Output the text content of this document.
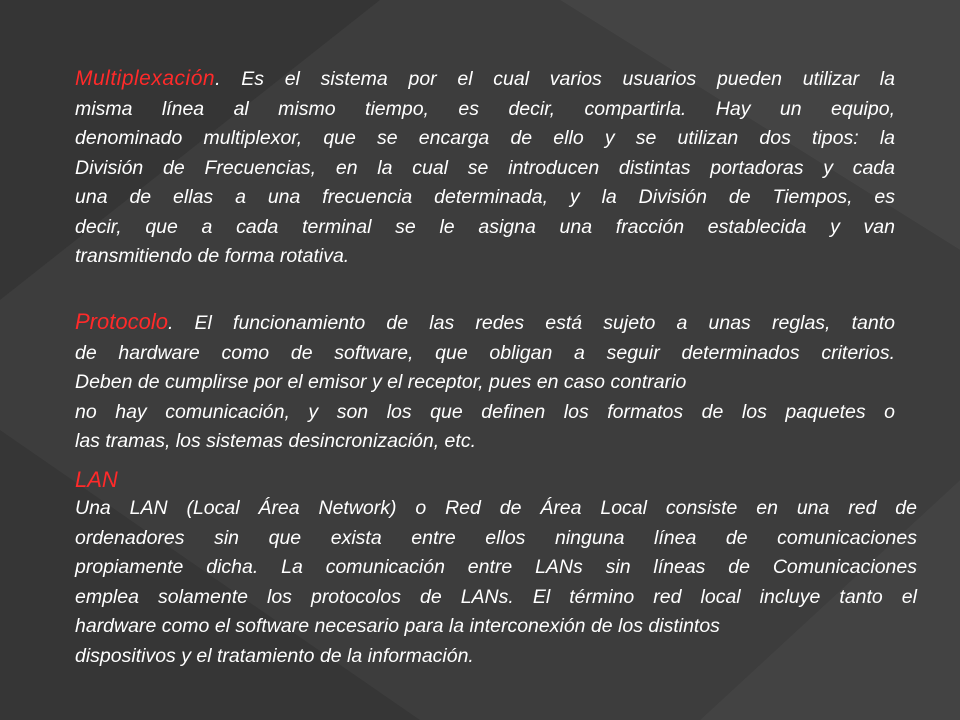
Multiplexación. Es el sistema por el cual varios usuarios pueden utilizar la
misma línea al mismo tiempo, es decir, compartirla. Hay un equipo,
denominado multiplexor, que se encarga de ello y se utilizan dos tipos: la
División de Frecuencias, en la cual se introducen distintas portadoras y cada
una de ellas a una frecuencia determinada, y la División de Tiempos, es
decir, que a cada terminal se le asigna una fracción establecida y van
transmitiendo de forma rotativa.
Protocolo. El funcionamiento de las redes está sujeto a unas reglas, tanto
de hardware como de software, que obligan a seguir determinados criterios.
Deben de cumplirse por el emisor y el receptor, pues en caso contrario
no hay comunicación, y son los que definen los formatos de los paquetes o
las tramas, los sistemas desincronización, etc.
LAN
Una LAN (Local Área Network) o Red de Área Local consiste en una red de
ordenadores sin que exista entre ellos ninguna línea de comunicaciones
propiamente dicha. La comunicación entre LANs sin líneas de Comunicaciones
emplea solamente los protocolos de LANs. El término red local incluye tanto el
hardware como el software necesario para la interconexión de los distintos
dispositivos y el tratamiento de la información.
